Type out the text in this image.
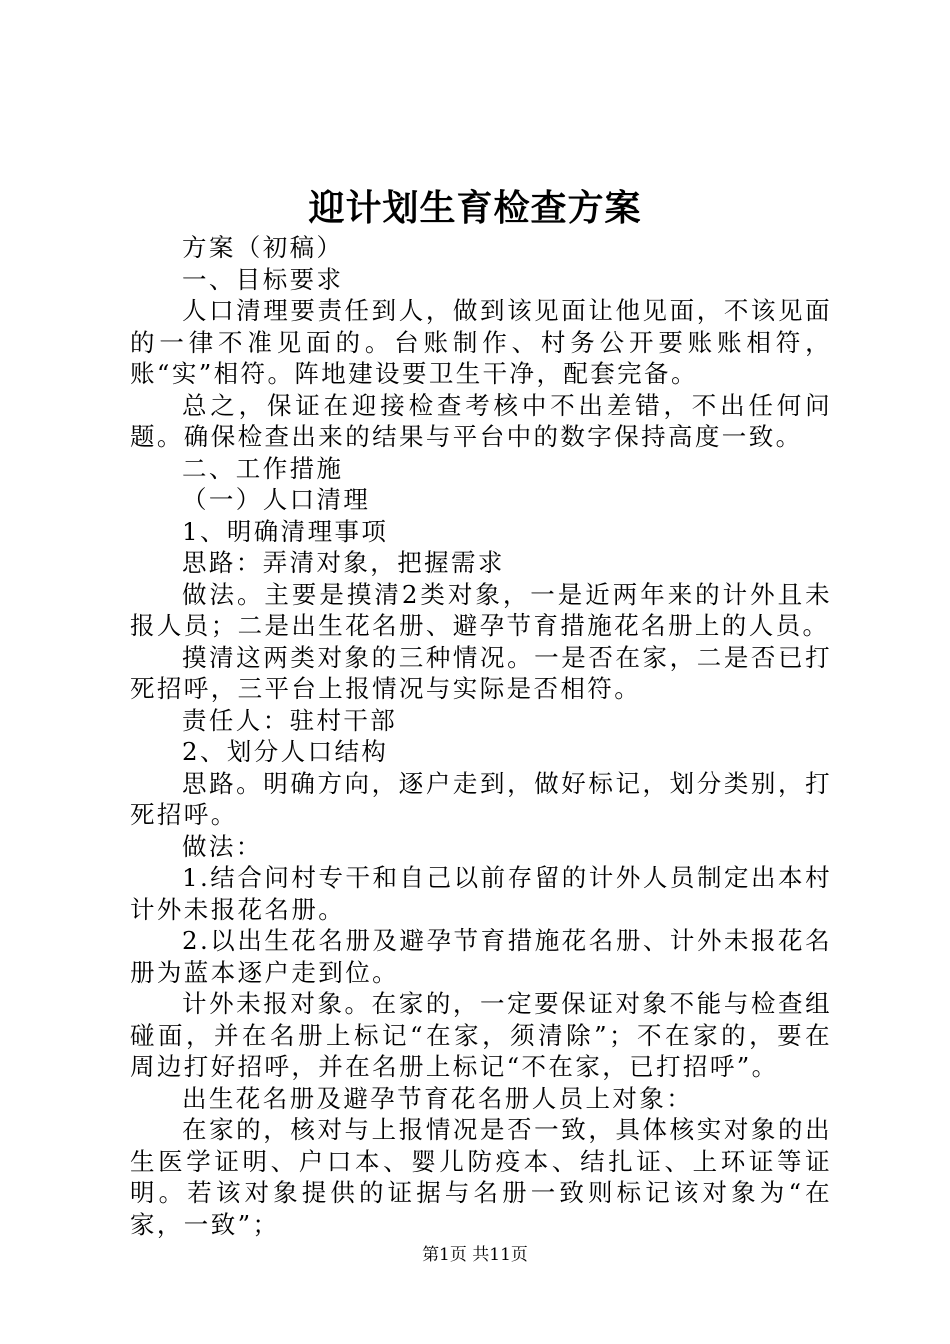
迎计划生育检查方案

方案（初稿）

一、目标要求

人口清理要责任到人，做到该见面让他见面，不该见面的一律不准见面的。台账制作、村务公开要账账相符，账“实”相符。阵地建设要卫生干净，配套完备。

总之，保证在迎接检查考核中不出差错，不出任何问题。确保检查出来的结果与平台中的数字保持高度一致。

二、工作措施

（一）人口清理

1、明确清理事项

思路：弄清对象，把握需求

做法。主要是摸清2类对象，一是近两年来的计外且未报人员；二是出生花名册、避孕节育措施花名册上的人员。

摸清这两类对象的三种情况。一是否在家，二是否已打死招呼，三平台上报情况与实际是否相符。

责任人：驻村干部

2、划分人口结构

思路。明确方向，逐户走到，做好标记，划分类别，打死招呼。

做法：

1.结合问村专干和自己以前存留的计外人员制定出本村计外未报花名册。

2.以出生花名册及避孕节育措施花名册、计外未报花名册为蓝本逐户走到位。

计外未报对象。在家的，一定要保证对象不能与检查组碰面，并在名册上标记“在家，须清除”；不在家的，要在周边打好招呼，并在名册上标记“不在家，已打招呼”。

出生花名册及避孕节育花名册人员上对象：

在家的，核对与上报情况是否一致，具体核实对象的出生医学证明、户口本、婴儿防疫本、结扎证、上环证等证明。若该对象提供的证据与名册一致则标记该对象为“在家，一致”；

第1页 共11页
